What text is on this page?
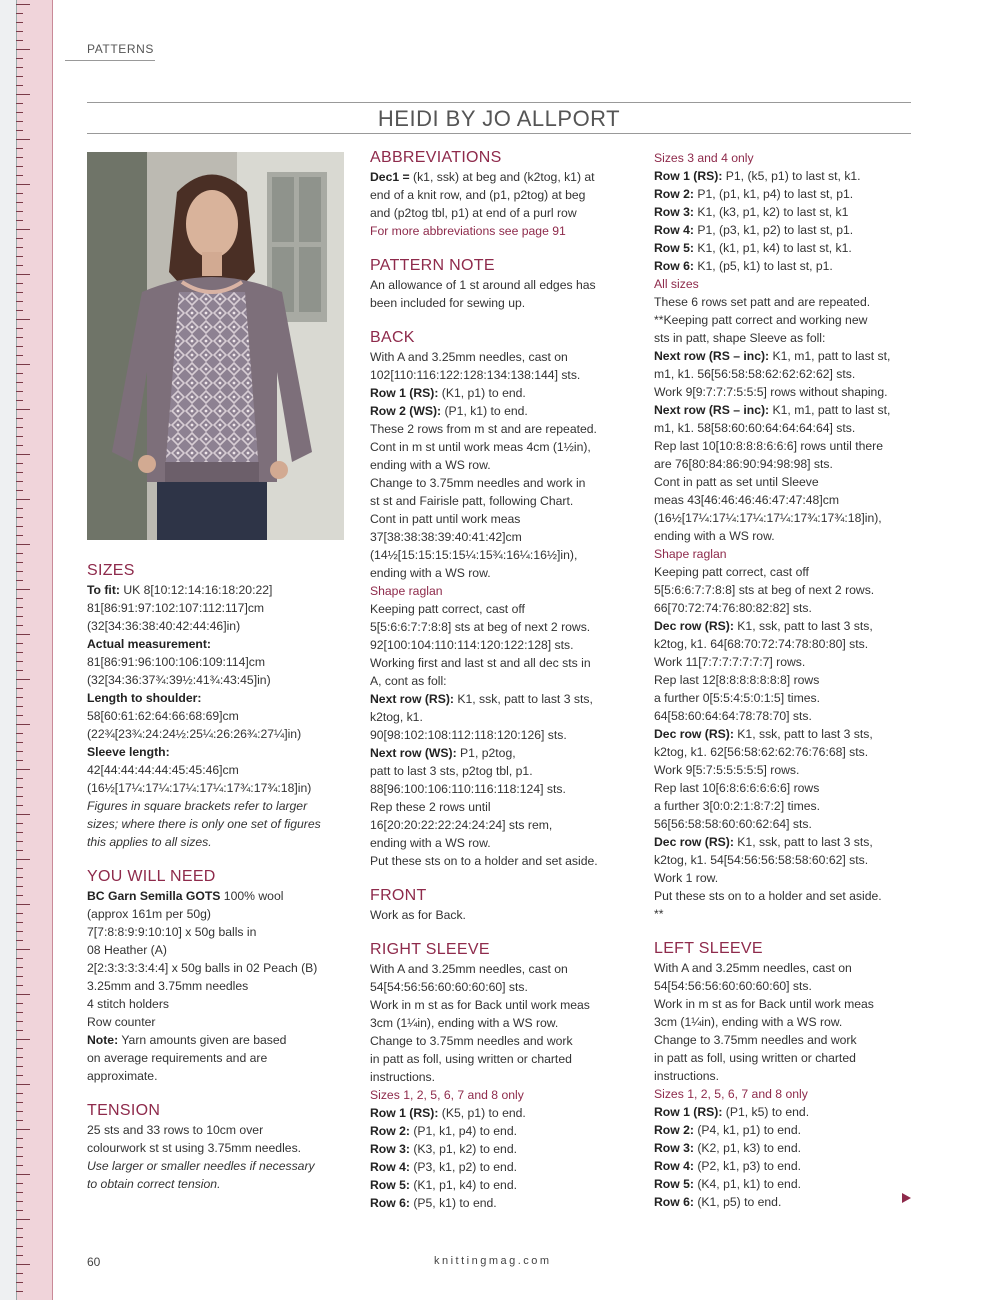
PATTERNS
HEIDI BY JO ALLPORT

SIZES

To fit: UK 8[10:12:14:16:18:20:22]

81[86:91:97:102:107:112:117]cm

(32[34:36:38:40:42:44:46]in)

Actual measurement:

81[86:91:96:100:106:109:114]cm

(32[34:36:37¾:39½:41¾:43:45]in)

Length to shoulder:

58[60:61:62:64:66:68:69]cm

(22¾[23¾:24:24½:25¼:26:26¾:27¼]in)

Sleeve length:

42[44:44:44:44:45:45:46]cm

(16½[17¼:17¼:17¼:17¼:17¾:17¾:18]in)

Figures in square brackets refer to larger

sizes; where there is only one set of figures

this applies to all sizes.

YOU WILL NEED

BC Garn Semilla GOTS 100% wool

(approx 161m per 50g)

7[7:8:8:9:9:10:10] x 50g balls in

08 Heather (A)

2[2:3:3:3:3:4:4] x 50g balls in 02 Peach (B)

3.25mm and 3.75mm needles

4 stitch holders

Row counter

Note: Yarn amounts given are based

on average requirements and are

approximate.

TENSION

25 sts and 33 rows to 10cm over

colourwork st st using 3.75mm needles.

Use larger or smaller needles if necessary

to obtain correct tension.

ABBREVIATIONS

Dec1 = (k1, ssk) at beg and (k2tog, k1) at

end of a knit row, and (p1, p2tog) at beg

and (p2tog tbl, p1) at end of a purl row

For more abbreviations see page 91

PATTERN NOTE

An allowance of 1 st around all edges has

been included for sewing up.

BACK

With A and 3.25mm needles, cast on

102[110:116:122:128:134:138:144] sts.

Row 1 (RS): (K1, p1) to end.

Row 2 (WS): (P1, k1) to end.

These 2 rows from m st and are repeated.

Cont in m st until work meas 4cm (1½in),

ending with a WS row.

Change to 3.75mm needles and work in

st st and Fairisle patt, following Chart.

Cont in patt until work meas

37[38:38:38:39:40:41:42]cm

(14½[15:15:15:15¼:15¾:16¼:16½]in),

ending with a WS row.

Shape raglan

Keeping patt correct, cast off

5[5:6:6:7:7:8:8] sts at beg of next 2 rows.

92[100:104:110:114:120:122:128] sts.

Working first and last st and all dec sts in

A, cont as foll:

Next row (RS): K1, ssk, patt to last 3 sts,

k2tog, k1.

90[98:102:108:112:118:120:126] sts.

Next row (WS): P1, p2tog,

patt to last 3 sts, p2tog tbl, p1.

88[96:100:106:110:116:118:124] sts.

Rep these 2 rows until

16[20:20:22:22:24:24:24] sts rem,

ending with a WS row.

Put these sts on to a holder and set aside.

FRONT

Work as for Back.

RIGHT SLEEVE

With A and 3.25mm needles, cast on

54[54:56:56:60:60:60:60] sts.

Work in m st as for Back until work meas

3cm (1¼in), ending with a WS row.

Change to 3.75mm needles and work

in patt as foll, using written or charted

instructions.

Sizes 1, 2, 5, 6, 7 and 8 only

Row 1 (RS): (K5, p1) to end.

Row 2: (P1, k1, p4) to end.

Row 3: (K3, p1, k2) to end.

Row 4: (P3, k1, p2) to end.

Row 5: (K1, p1, k4) to end.

Row 6: (P5, k1) to end.

Sizes 3 and 4 only

Row 1 (RS): P1, (k5, p1) to last st, k1.

Row 2: P1, (p1, k1, p4) to last st, p1.

Row 3: K1, (k3, p1, k2) to last st, k1

Row 4: P1, (p3, k1, p2) to last st, p1.

Row 5: K1, (k1, p1, k4) to last st, k1.

Row 6: K1, (p5, k1) to last st, p1.

All sizes

These 6 rows set patt and are repeated.

**Keeping patt correct and working new

sts in patt, shape Sleeve as foll:

Next row (RS – inc): K1, m1, patt to last st,

m1, k1. 56[56:58:58:62:62:62:62] sts.

Work 9[9:7:7:7:5:5:5] rows without shaping.

Next row (RS – inc): K1, m1, patt to last st,

m1, k1. 58[58:60:60:64:64:64:64] sts.

Rep last 10[10:8:8:8:6:6:6] rows until there

are 76[80:84:86:90:94:98:98] sts.

Cont in patt as set until Sleeve

meas 43[46:46:46:46:47:47:48]cm

(16½[17¼:17¼:17¼:17¼:17¾:17¾:18]in),

ending with a WS row.

Shape raglan

Keeping patt correct, cast off

5[5:6:6:7:7:8:8] sts at beg of next 2 rows.

66[70:72:74:76:80:82:82] sts.

Dec row (RS): K1, ssk, patt to last 3 sts,

k2tog, k1. 64[68:70:72:74:78:80:80] sts.

Work 11[7:7:7:7:7:7:7] rows.

Rep last 12[8:8:8:8:8:8:8] rows

a further 0[5:5:4:5:0:1:5] times.

64[58:60:64:64:78:78:70] sts.

Dec row (RS): K1, ssk, patt to last 3 sts,

k2tog, k1. 62[56:58:62:62:76:76:68] sts.

Work 9[5:7:5:5:5:5:5] rows.

Rep last 10[6:8:6:6:6:6:6] rows

a further 3[0:0:2:1:8:7:2] times.

56[56:58:58:60:60:62:64] sts.

Dec row (RS): K1, ssk, patt to last 3 sts,

k2tog, k1. 54[54:56:56:58:58:60:62] sts.

Work 1 row.

Put these sts on to a holder and set aside.

**

LEFT SLEEVE

With A and 3.25mm needles, cast on

54[54:56:56:60:60:60:60] sts.

Work in m st as for Back until work meas

3cm (1¼in), ending with a WS row.

Change to 3.75mm needles and work

in patt as foll, using written or charted

instructions.

Sizes 1, 2, 5, 6, 7 and 8 only

Row 1 (RS): (P1, k5) to end.

Row 2: (P4, k1, p1) to end.

Row 3: (K2, p1, k3) to end.

Row 4: (P2, k1, p3) to end.

Row 5: (K4, p1, k1) to end.

Row 6: (K1, p5) to end.

60	knittingmag.com
